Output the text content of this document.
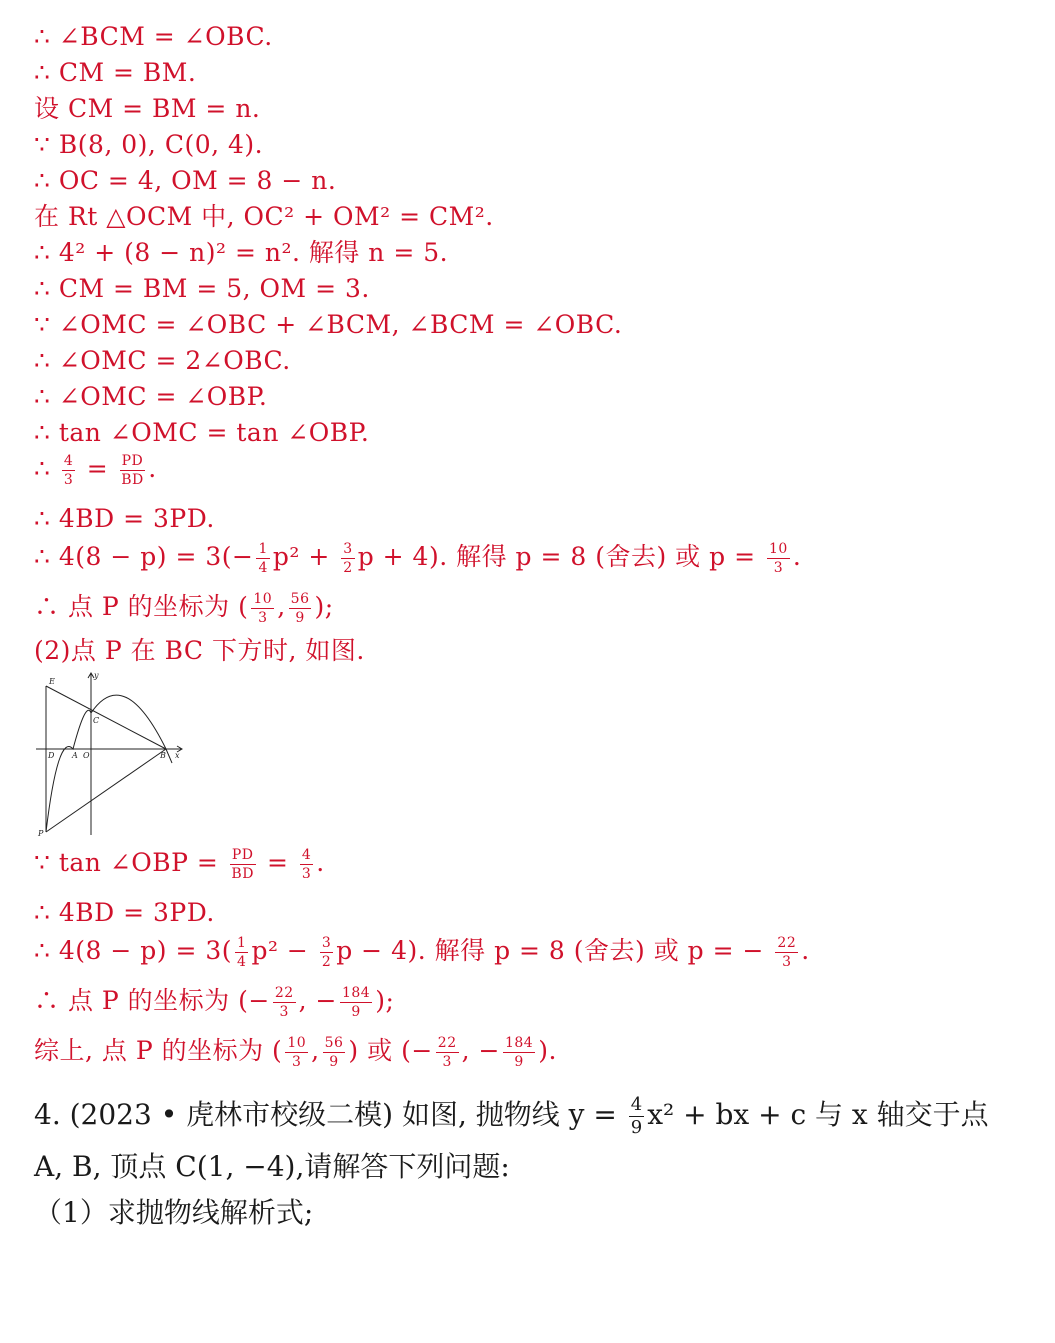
∴ ∠BCM = ∠OBC.
∴ CM = BM.
设 CM = BM = n.
∵ B(8, 0), C(0, 4).
∴ OC = 4, OM = 8 − n.
在 Rt △OCM 中, OC² + OM² = CM².
∴ 4² + (8 − n)² = n². 解得 n = 5.
∴ CM = BM = 5, OM = 3.
∵ ∠OMC = ∠OBC + ∠BCM, ∠BCM = ∠OBC.
∴ ∠OMC = 2∠OBC.
∴ ∠OMC = ∠OBP.
∴ tan ∠OMC = tan ∠OBP.
∴ $\frac{4}{3} = \frac{PD}{BD}$ .
∴ 4BD = 3PD.
∴ $4(8 - p) = 3(- \frac{1}{4} p^2 + \frac{3}{2}$ p + 4). 解得 p = 8 (舍去) 或 $p = \frac{10}{3}$ .
∴ 点 P 的坐标为 ( $\frac{10}{3}$ , $\frac{56}{9}$ );
(2)点 P 在 BC 下方时, 如图.
∵ tan ∠OBP = $\frac{PD}{BD} = \frac{4}{3}$ .
∴ 4BD = 3PD.
∴ $4(8 - p) = 3( \frac{1}{4} p^2 - \frac{3}{2}$ p − 4). 解得 p = 8 (舍去) 或 p = − $\frac{22}{3}$ .
∴ 点 P 的坐标为 (− $\frac{22}{3}$ , − $\frac{184}{9}$ );
综上, 点 P 的坐标为 ( $\frac{10}{3}$ , $\frac{56}{9}$ ) 或 (− $\frac{22}{3}$ , − $\frac{184}{9}$ ).
E
y
C
D A O	B x
P
4. (2023 • 虎林市校级二模) 如图, 抛物线 $y = \frac{4}{9} x^2$ + bx + c 与 x 轴交于点
A, B, 顶点 C(1, −4),请解答下列问题:
（1）求抛物线解析式;
